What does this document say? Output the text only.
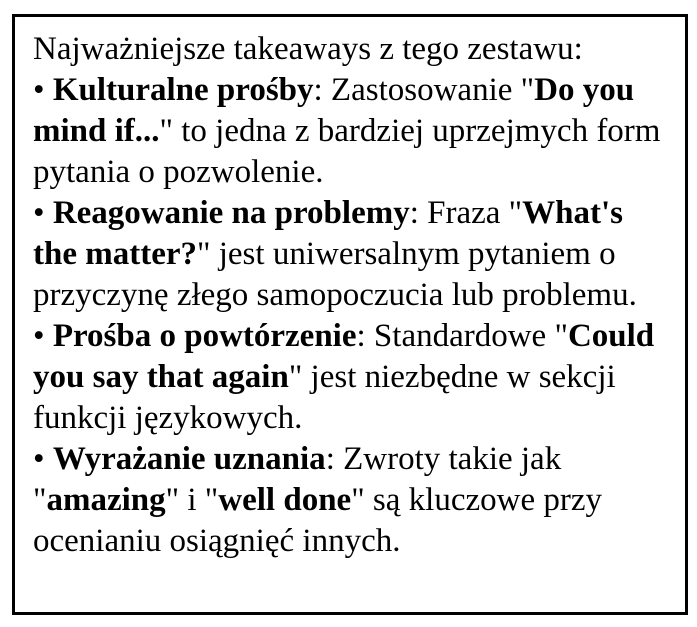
Najważniejsze takeaways z tego zestawu:
• Kulturalne prośby: Zastosowanie "Do you mind if..." to jedna z bardziej uprzejmych form pytania o pozwolenie.
• Reagowanie na problemy: Fraza "What's the matter?" jest uniwersalnym pytaniem o przyczynę złego samopoczucia lub problemu.
• Prośba o powtórzenie: Standardowe "Could you say that again" jest niezbędne w sekcji funkcji językowych.
• Wyrażanie uznania: Zwroty takie jak "amazing" i "well done" są kluczowe przy ocenianiu osiągnięć innych.
